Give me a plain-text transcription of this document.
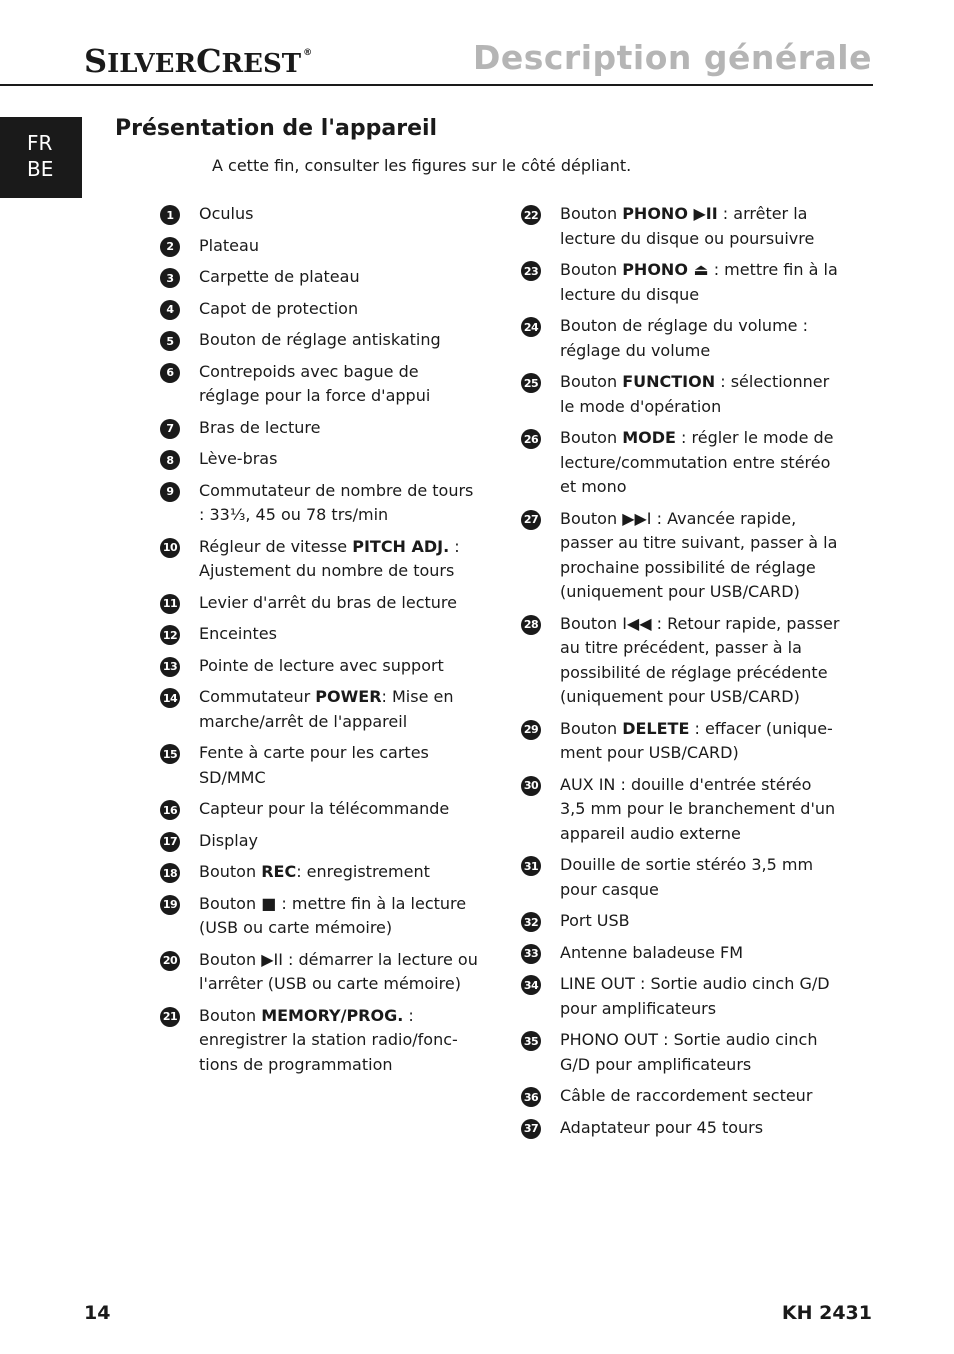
SILVERCREST ®	Description générale
FR
BE
Présentation de l'appareil
A cette fin, consulter les figures sur le côté dépliant.
1	Oculus
2	Plateau
3	Carpette de plateau
4	Capot de protection
5	Bouton de réglage antiskating
6	Contrepoids avec bague de réglage pour la force d'appui
7	Bras de lecture
8	Lève-bras
9	Commutateur de nombre de tours : 33⅓, 45 ou 78 trs/min
10 Régleur de vitesse PITCH ADJ. : Ajustement du nombre de tours
11 Levier d'arrêt du bras de lecture
12 Enceintes
13 Pointe de lecture avec support
14 Commutateur POWER: Mise en marche/arrêt de l'appareil
15 Fente à carte pour les cartes SD/MMC
16 Capteur pour la télécommande
17 Display
18 Bouton REC: enregistrement
19 Bouton ■ : mettre fin à la lecture (USB ou carte mémoire)
20 Bouton ▶II : démarrer la lecture ou l'arrêter (USB ou carte mémoire)
21 Bouton MEMORY/PROG. : enregistrer la station radio/fonc-tions de programmation
22 Bouton PHONO ▶II : arrêter la lecture du disque ou poursuivre
23 Bouton PHONO ⏏ : mettre fin à la lecture du disque
24 Bouton de réglage du volume : réglage du volume
25 Bouton FUNCTION : sélectionner le mode d'opération
26 Bouton MODE : régler le mode de lecture/commutation entre stéréo et mono
27 Bouton ▶▶I : Avancée rapide, passer au titre suivant, passer à la prochaine possibilité de réglage (uniquement pour USB/CARD)
28 Bouton I◀◀ : Retour rapide, passer au titre précédent, passer à la possibilité de réglage précédente (uniquement pour USB/CARD)
29 Bouton DELETE : effacer (unique-ment pour USB/CARD)
30 AUX IN : douille d'entrée stéréo 3,5 mm pour le branchement d'un appareil audio externe
31 Douille de sortie stéréo 3,5 mm pour casque
32 Port USB
33 Antenne baladeuse FM
34 LINE OUT : Sortie audio cinch G/D pour amplificateurs
35 PHONO OUT : Sortie audio cinch G/D pour amplificateurs
36 Câble de raccordement secteur
37 Adaptateur pour 45 tours
14	KH 2431
